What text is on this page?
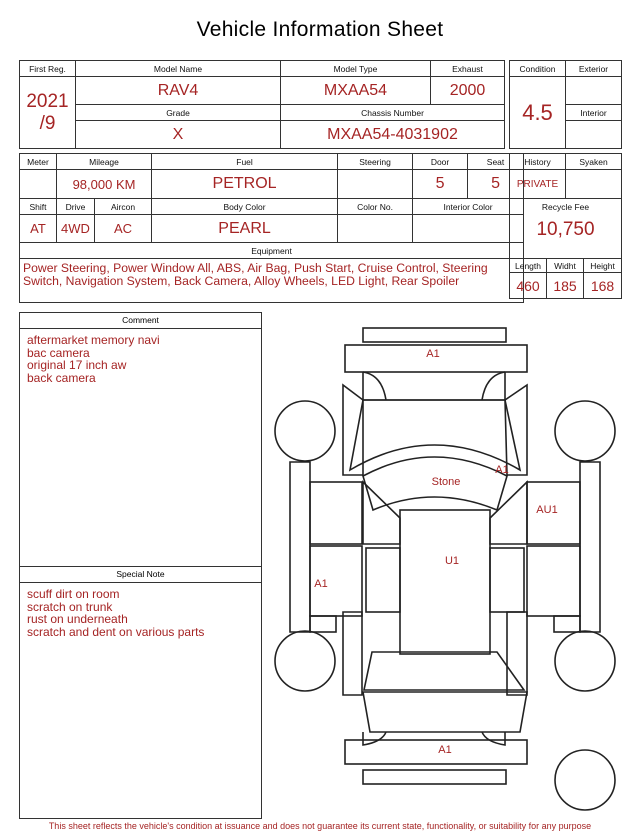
Vehicle Information Sheet
First Reg.	Model Name	Model Type	Exhaust

2021
/9	RAV4	MXAA54	2000
	Grade	Chassis Number	
	X	MXAA54-4031902	
Condition	Exterior
4.5	
	Interior

Meter	Mileage		Fuel	Steering	Door	Seat
	98,000 KM		PETROL		5	5
Shift	Drive	Aircon	Body Color	Color No.	Interior Color	
AT	4WD	AC	PEARL			
Equipment						
Power Steering, Power Window All, ABS, Air Bag, Push Start, Cruise Control, Steering Switch, Navigation System, Back Camera, Alloy Wheels, LED Light, Rear Spoiler						
History		Syaken	
PRIVATE			
Recycle Fee			
10,750			
Length	Widht		Height
460	185		168
Comment
aftermarket memory navi
bac camera
original 17 inch aw
back camera
Special Note
scuff dirt on room
scratch on trunk
rust on underneath
scratch and dent on various parts
A1
Stone
A1
AU1
U1
A1
A1
This sheet reflects the vehicle's condition at issuance and does not guarantee its current state, functionality, or suitability for any purpose
